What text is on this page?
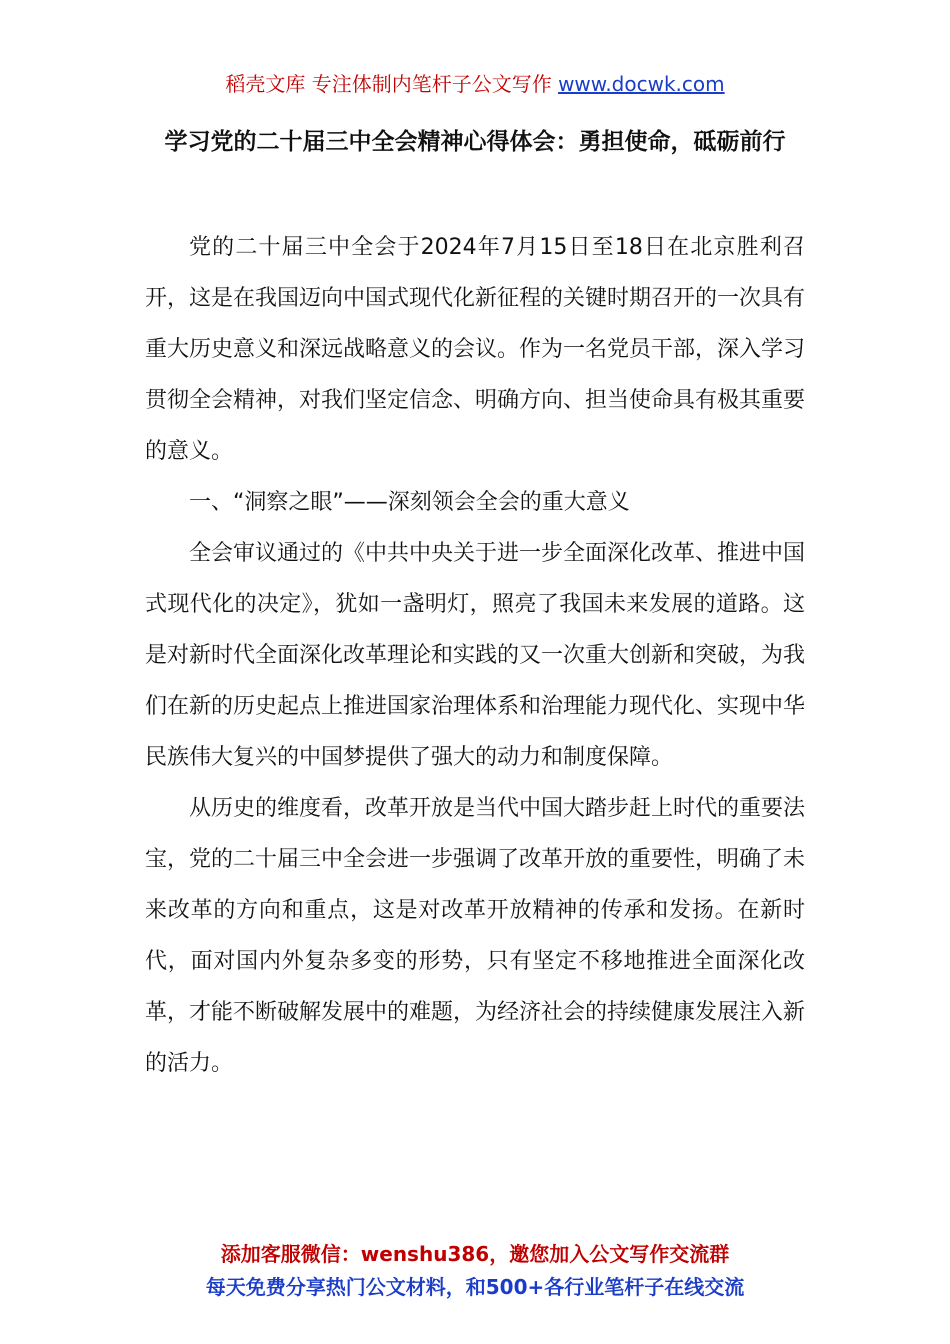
稻壳文库 专注体制内笔杆子公文写作 www.docwk.com
学习党的二十届三中全会精神心得体会：勇担使命，砥砺前行

党的二十届三中全会于2024年7月15日至18日在北京胜利召开，这是在我国迈向中国式现代化新征程的关键时期召开的一次具有重大历史意义和深远战略意义的会议。作为一名党员干部，深入学习贯彻全会精神，对我们坚定信念、明确方向、担当使命具有极其重要的意义。

一、“洞察之眼”——深刻领会全会的重大意义

全会审议通过的《中共中央关于进一步全面深化改革、推进中国式现代化的决定》，犹如一盏明灯，照亮了我国未来发展的道路。这是对新时代全面深化改革理论和实践的又一次重大创新和突破，为我们在新的历史起点上推进国家治理体系和治理能力现代化、实现中华民族伟大复兴的中国梦提供了强大的动力和制度保障。

从历史的维度看，改革开放是当代中国大踏步赶上时代的重要法宝，党的二十届三中全会进一步强调了改革开放的重要性，明确了未来改革的方向和重点，这是对改革开放精神的传承和发扬。在新时代，面对国内外复杂多变的形势，只有坚定不移地推进全面深化改革，才能不断破解发展中的难题，为经济社会的持续健康发展注入新的活力。

添加客服微信：wenshu386，邀您加入公文写作交流群
每天免费分享热门公文材料，和500+各行业笔杆子在线交流
